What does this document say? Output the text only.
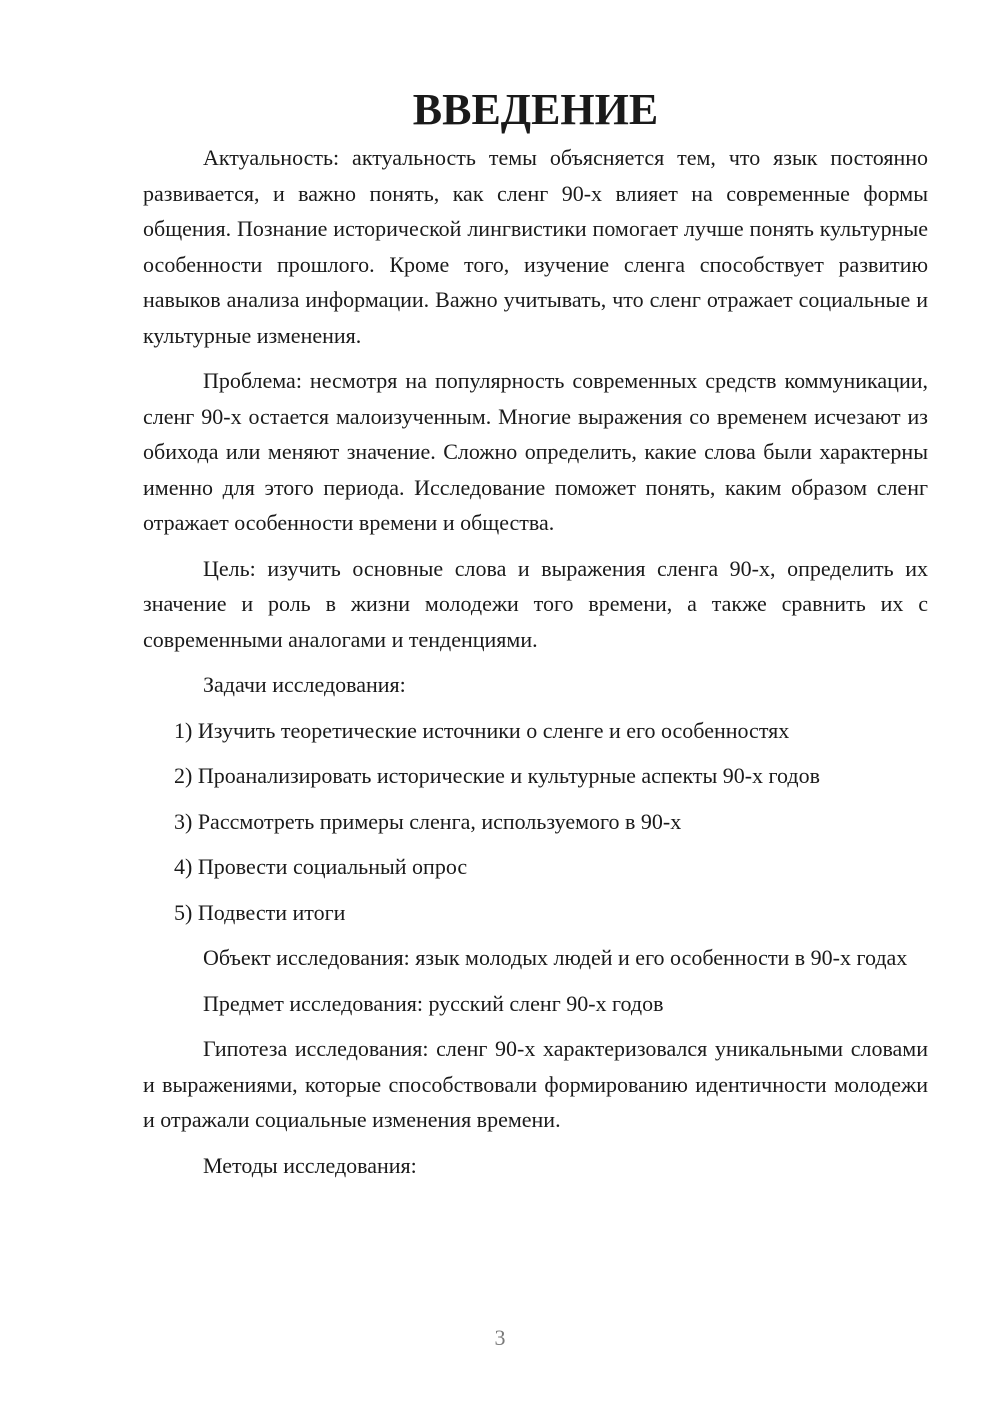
ВВЕДЕНИЕ

Актуальность: актуальность темы объясняется тем, что язык постоянно развивается, и важно понять, как сленг 90-х влияет на современные формы общения. Познание исторической лингвистики помогает лучше понять культурные особенности прошлого. Кроме того, изучение сленга способствует развитию навыков анализа информации. Важно учитывать, что сленг отражает социальные и культурные изменения.

Проблема: несмотря на популярность современных средств коммуникации, сленг 90-х остается малоизученным. Многие выражения со временем исчезают из обихода или меняют значение. Сложно определить, какие слова были характерны именно для этого периода. Исследование поможет понять, каким образом сленг отражает особенности времени и общества.

Цель: изучить основные слова и выражения сленга 90-х, определить их значение и роль в жизни молодежи того времени, а также сравнить их с современными аналогами и тенденциями.

Задачи исследования:

1) Изучить теоретические источники о сленге и его особенностях
2) Проанализировать исторические и культурные аспекты 90-х годов
3) Рассмотреть примеры сленга, используемого в 90-х
4) Провести социальный опрос
5) Подвести итоги

Объект исследования: язык молодых людей и его особенности в 90-х годах

Предмет исследования: русский сленг 90-х годов

Гипотеза исследования: сленг 90-х характеризовался уникальными словами и выражениями, которые способствовали формированию идентичности молодежи и отражали социальные изменения времени.

Методы исследования:

3
